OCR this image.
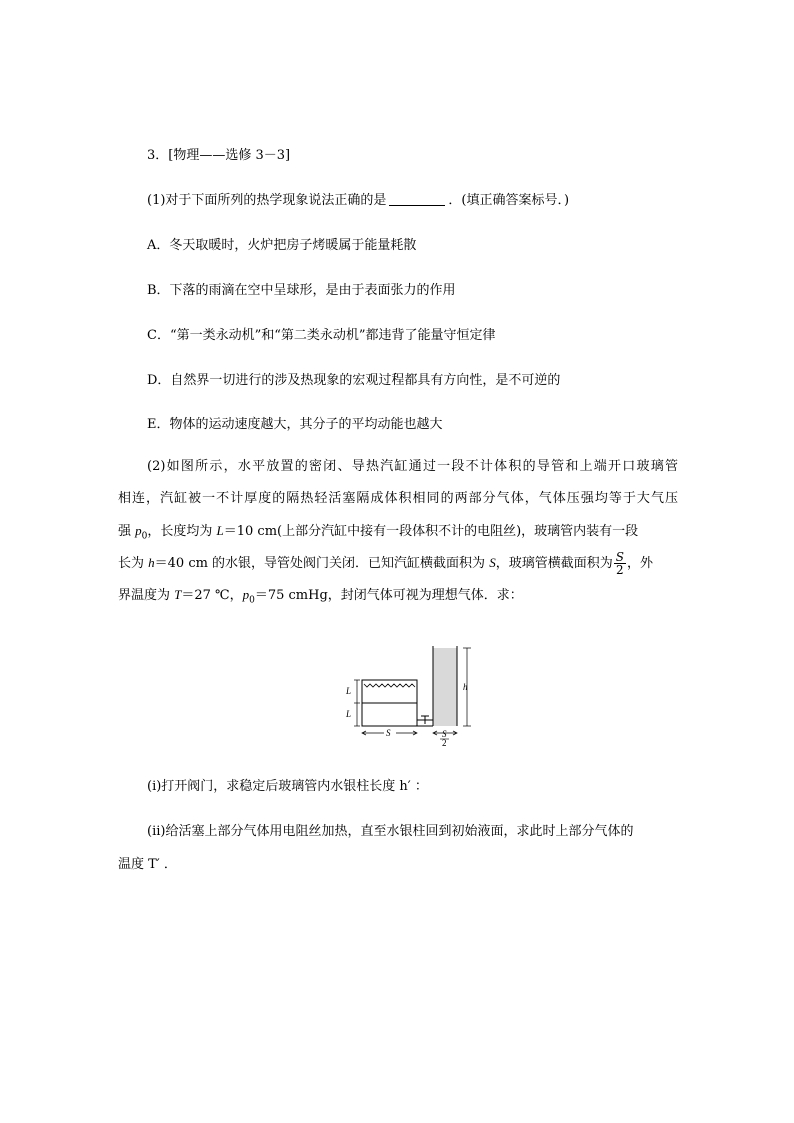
3．[物理——选修 3－3]
(1)对于下面所列的热学现象说法正确的是	．(填正确答案标号．)
A．冬天取暖时，火炉把房子烤暖属于能量耗散
B．下落的雨滴在空中呈球形，是由于表面张力的作用
C．“第一类永动机”和“第二类永动机”都违背了能量守恒定律
D．自然界一切进行的涉及热现象的宏观过程都具有方向性，是不可逆的
E．物体的运动速度越大，其分子的平均动能也越大
(2)如图所示，水平放置的密闭、导热汽缸通过一段不计体积的导管和上端开口玻璃管
相连，汽缸被一不计厚度的隔热轻活塞隔成体积相同的两部分气体，气体压强均等于大气压
强 $p_0$，长度均为 L＝10 cm(上部分汽缸中接有一段体积不计的电阻丝)，玻璃管内装有一段
长为 h＝40 cm 的水银，导管处阀门关闭．已知汽缸横截面积为 S，玻璃管横截面积为 $\frac{S}{2}$ ，外
界温度为 T＝27 ℃，$p_0=75$ cmHg，封闭气体可视为理想气体．求：
L
L
h
S	S
2
(ⅰ)打开阀门，求稳定后玻璃管内水银柱长度 h′ ：
(ⅱ)给活塞上部分气体用电阻丝加热，直至水银柱回到初始液面，求此时上部分气体的
温度 T′ ．
